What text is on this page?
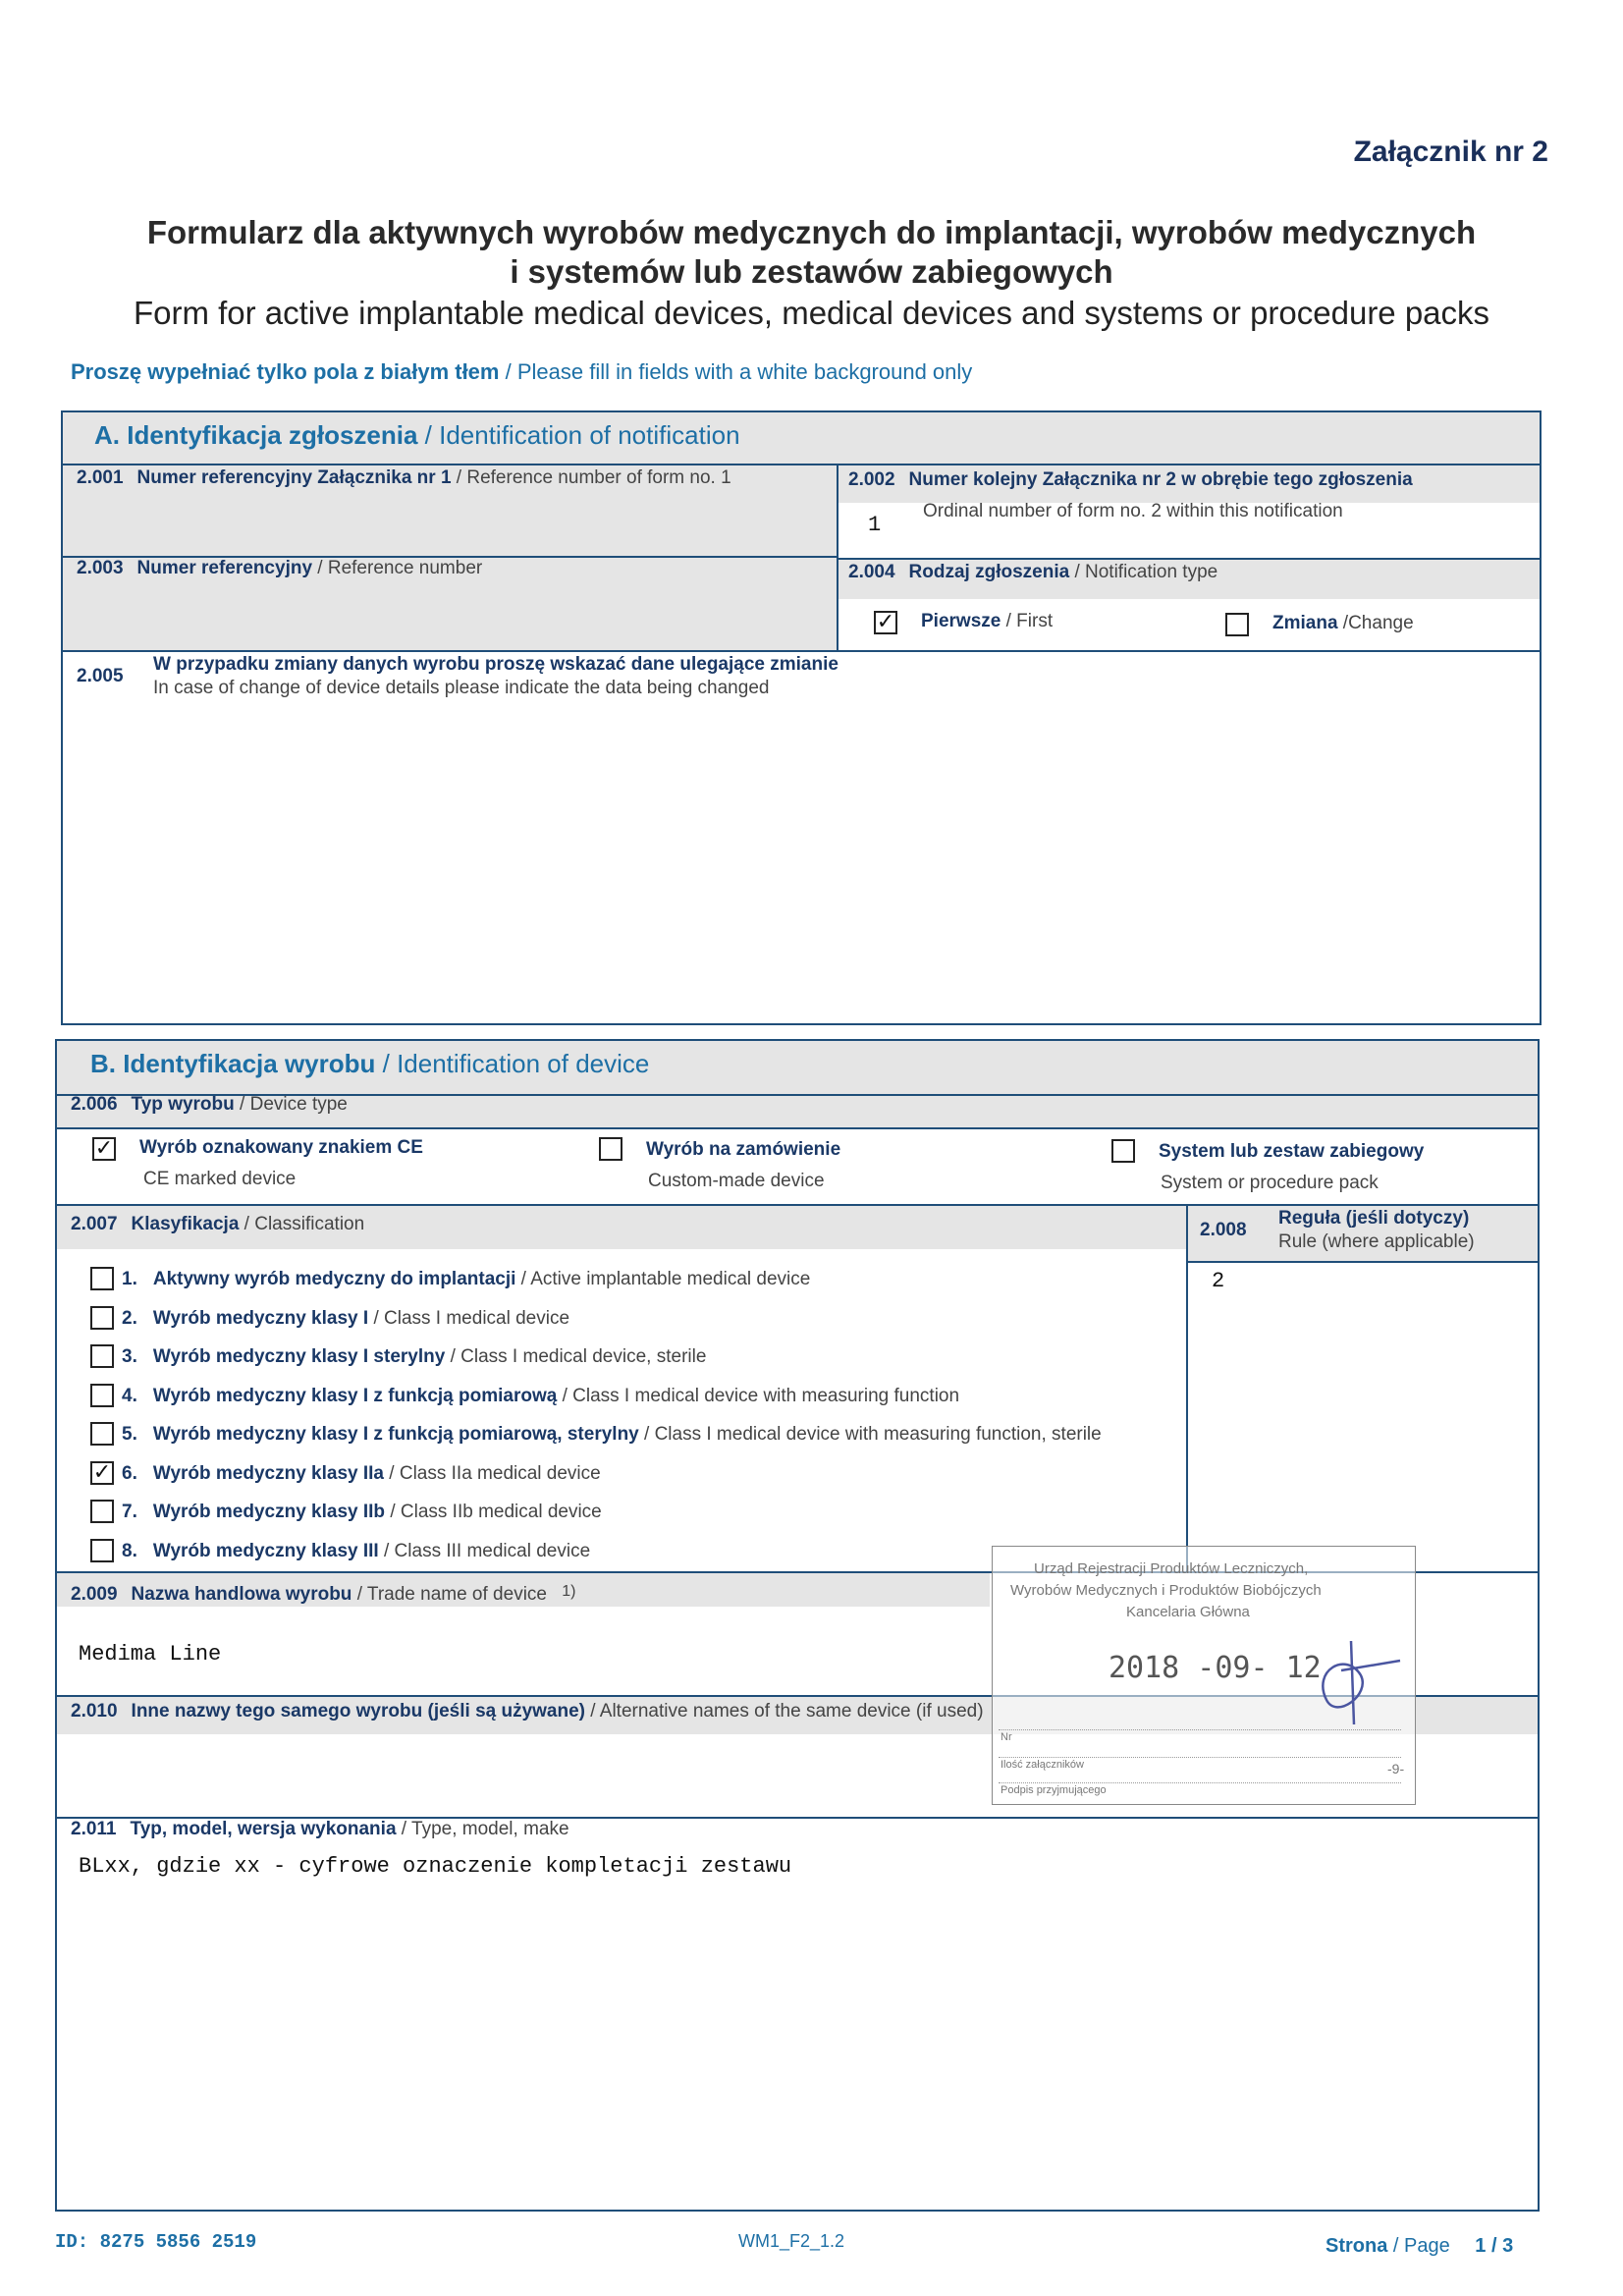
Załącznik nr 2
Formularz dla aktywnych wyrobów medycznych do implantacji, wyrobów medycznych
i systemów lub zestawów zabiegowych
Form for active implantable medical devices, medical devices and systems or procedure packs
Proszę wypełniać tylko pola z białym tłem / Please fill in fields with a white background only
A. Identyfikacja zgłoszenia / Identification of notification
2.001 Numer referencyjny Załącznika nr 1 / Reference number of form no. 1	2.002 Numer kolejny Załącznika nr 2 w obrębie tego zgłoszenia
Ordinal number of form no. 2 within this notification
1
2.003 Numer referencyjny / Reference number	2.004 Rodzaj zgłoszenia / Notification type
✓ Pierwsze / First	Zmiana /Change
2.005
W przypadku zmiany danych wyrobu proszę wskazać dane ulegające zmianie
In case of change of device details please indicate the data being changed
B. Identyfikacja wyrobu / Identification of device
2.006 Typ wyrobu / Device type
✓ Wyrób oznakowany znakiem CE
CE marked device
Wyrób na zamówienie
Custom-made device
System lub zestaw zabiegowy
System or procedure pack
2.007 Klasyfikacja / Classification	2.008
Reguła (jeśli dotyczy)
Rule (where applicable)
2
1. Aktywny wyrób medyczny do implantacji / Active implantable medical device
2. Wyrób medyczny klasy I / Class I medical device
3. Wyrób medyczny klasy I sterylny / Class I medical device, sterile
4. Wyrób medyczny klasy I z funkcją pomiarową / Class I medical device with measuring function
5. Wyrób medyczny klasy I z funkcją pomiarową, sterylny / Class I medical device with measuring function, sterile
✓ 6. Wyrób medyczny klasy IIa / Class IIa medical device
7. Wyrób medyczny klasy IIb / Class IIb medical device
8. Wyrób medyczny klasy III / Class III medical device
2.009 Nazwa handlowa wyrobu / Trade name of device $^{1)}$
Medima Line
2.010 Inne nazwy tego samego wyrobu (jeśli są używane) / Alternative names of the same device (if used)
2.011 Typ, model, wersja wykonania / Type, model, make
BLxx, gdzie xx - cyfrowe oznaczenie kompletacji zestawu
Urząd Rejestracji Produktów Leczniczych,
Wyrobów Medycznych i Produktów Biobójczych
Kancelaria Główna
2018 -09- 12
Nr
Ilość załączników	-9-
Podpis przyjmującego
ID: 8275 5856 2519	WM1_F2_1.2	Strona / Page 1 / 3
